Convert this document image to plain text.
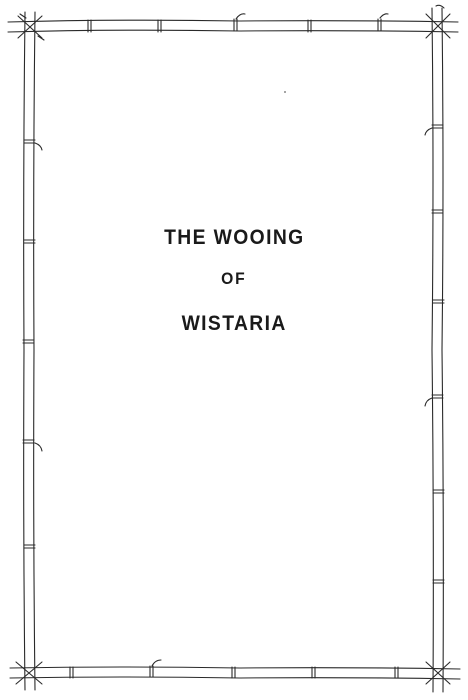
THE WOOING
OF
WISTARIA
